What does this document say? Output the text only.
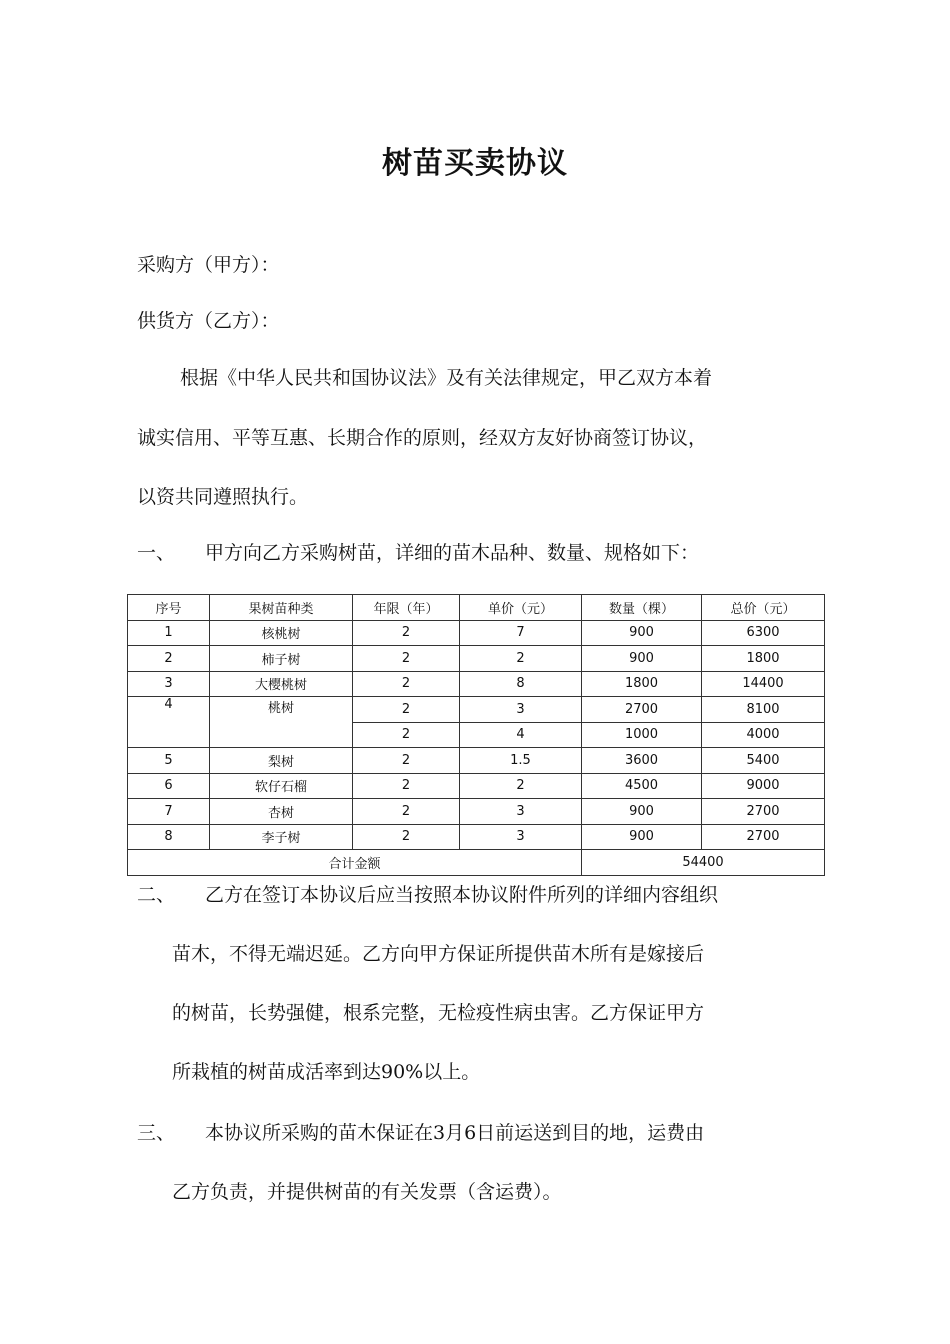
树苗买卖协议
采购方（甲方）：
供货方（乙方）：
根据《中华人民共和国协议法》及有关法律规定，甲乙双方本着
诚实信用、平等互惠、长期合作的原则，经双方友好协商签订协议，
以资共同遵照执行。
一、 甲方向乙方采购树苗，详细的苗木品种、数量、规格如下：
序号	果树苗种类	年限（年）	单价（元）	数量（棵）	总价（元）
1	核桃树	2	7	900	6300
2	柿子树	2	2	900	1800
3	大樱桃树	2	8	1800	14400
4	桃树	2	3	2700	8100
		2	4	1000	4000
5	梨树	2	1.5	3600	5400
6	软仔石榴	2	2	4500	9000
7	杏树	2	3	900	2700
8	李子树	2	3	900	2700
合计金额				54400	
二、 乙方在签订本协议后应当按照本协议附件所列的详细内容组织
苗木，不得无端迟延。乙方向甲方保证所提供苗木所有是嫁接后
的树苗，长势强健，根系完整，无检疫性病虫害。乙方保证甲方
所栽植的树苗成活率到达90%以上。
三、 本协议所采购的苗木保证在3月6日前运送到目的地，运费由
乙方负责，并提供树苗的有关发票（含运费）。
